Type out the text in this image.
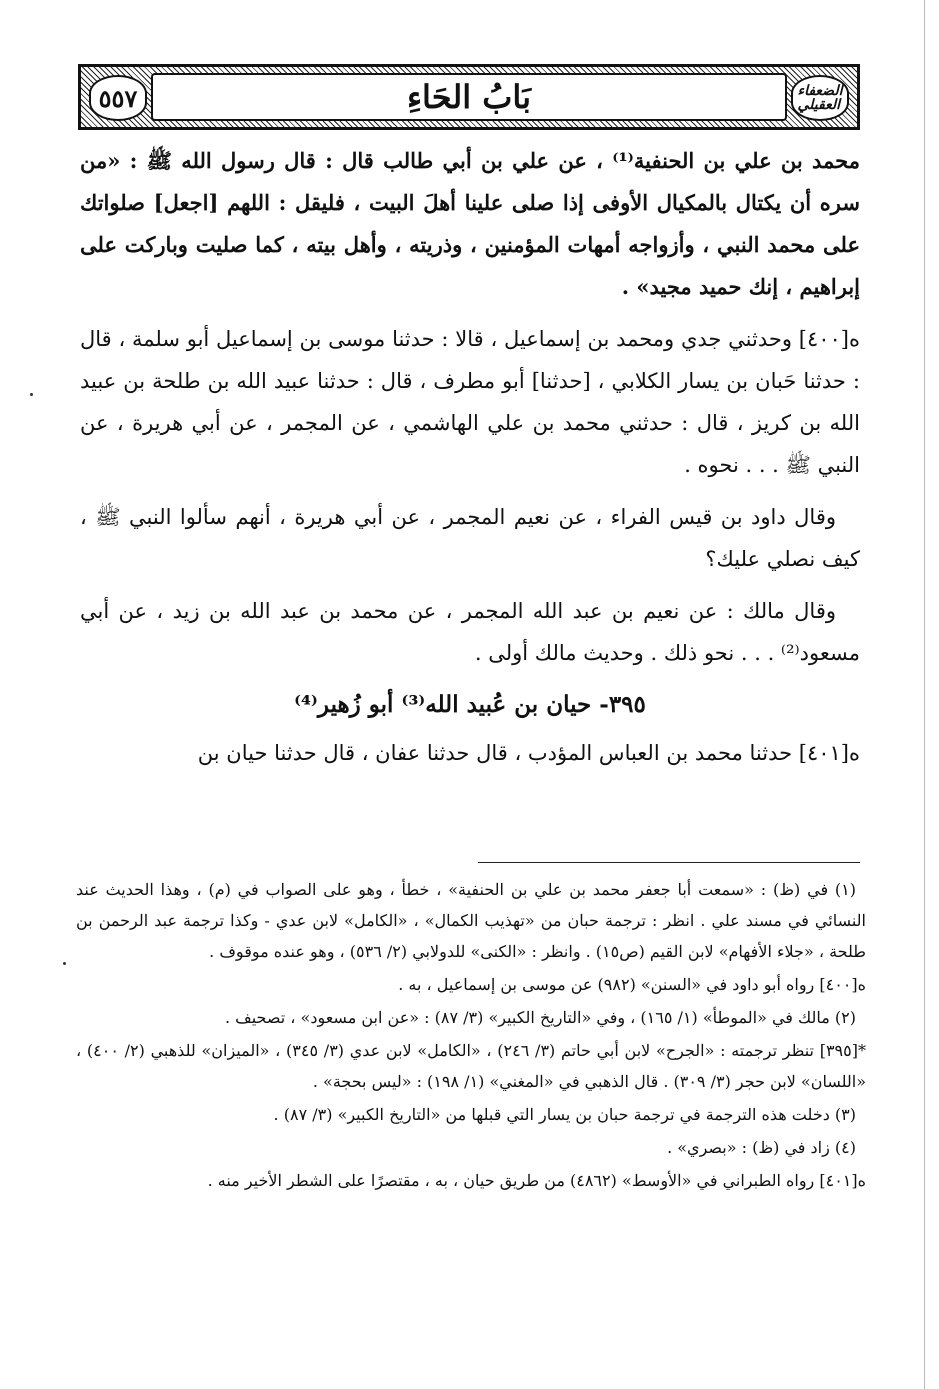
٥٥٧	بَابُ الحَاءِ	الضعفاء
العقيلي

محمد بن علي بن الحنفية⁽¹⁾ ، عن علي بن أبي طالب قال : قال رسول الله ﷺ : «من سره أن يكتال بالمكيال الأوفى إذا صلى علينا أهلَ البيت ، فليقل : اللهم [اجعل] صلواتك على محمد النبي ، وأزواجه أمهات المؤمنين ، وذريته ، وأهل بيته ، كما صليت وباركت على إبراهيم ، إنك حميد مجيد» .

ه[٤٠٠] وحدثني جدي ومحمد بن إسماعيل ، قالا : حدثنا موسى بن إسماعيل أبو سلمة ، قال : حدثنا حَبان بن يسار الكلابي ، [حدثنا] أبو مطرف ، قال : حدثنا عبيد الله بن طلحة بن عبيد الله بن كريز ، قال : حدثني محمد بن علي الهاشمي ، عن المجمر ، عن أبي هريرة ، عن النبي ﷺ . . . نحوه .

وقال داود بن قيس الفراء ، عن نعيم المجمر ، عن أبي هريرة ، أنهم سألوا النبي ﷺ ، كيف نصلي عليك؟

وقال مالك : عن نعيم بن عبد الله المجمر ، عن محمد بن عبد الله بن زيد ، عن أبي مسعود⁽²⁾ . . . نحو ذلك . وحديث مالك أولى .

٣٩٥- حيان بن عُبيد الله⁽³⁾ أبو زُهير⁽⁴⁾

ه[٤٠١] حدثنا محمد بن العباس المؤدب ، قال حدثنا عفان ، قال حدثنا حيان بن

(١) في (ظ) : «سمعت أبا جعفر محمد بن علي بن الحنفية» ، خطأ ، وهو على الصواب في (م) ، وهذا الحديث عند النسائي في مسند علي . انظر : ترجمة حبان من «تهذيب الكمال» ، «الكامل» لابن عدي - وكذا ترجمة عبد الرحمن بن طلحة ، «جلاء الأفهام» لابن القيم (ص١٥) . وانظر : «الكنى» للدولابي (٢/ ٥٣٦) ، وهو عنده موقوف .

ه[٤٠٠] رواه أبو داود في «السنن» (٩٨٢) عن موسى بن إسماعيل ، به .

(٢) مالك في «الموطأ» (١/ ١٦٥) ، وفي «التاريخ الكبير» (٣/ ٨٧) : «عن ابن مسعود» ، تصحيف .

*[٣٩٥] تنظر ترجمته : «الجرح» لابن أبي حاتم (٣/ ٢٤٦) ، «الكامل» لابن عدي (٣/ ٣٤٥) ، «الميزان» للذهبي (٢/ ٤٠٠) ، «اللسان» لابن حجر (٣/ ٣٠٩) . قال الذهبي في «المغني» (١/ ١٩٨) : «ليس بحجة» .

(٣) دخلت هذه الترجمة في ترجمة حبان بن يسار التي قبلها من «التاريخ الكبير» (٣/ ٨٧) .

(٤) زاد في (ظ) : «بصري» .

ه[٤٠١] رواه الطبراني في «الأوسط» (٤٨٦٢) من طريق حيان ، به ، مقتصرًا على الشطر الأخير منه .
